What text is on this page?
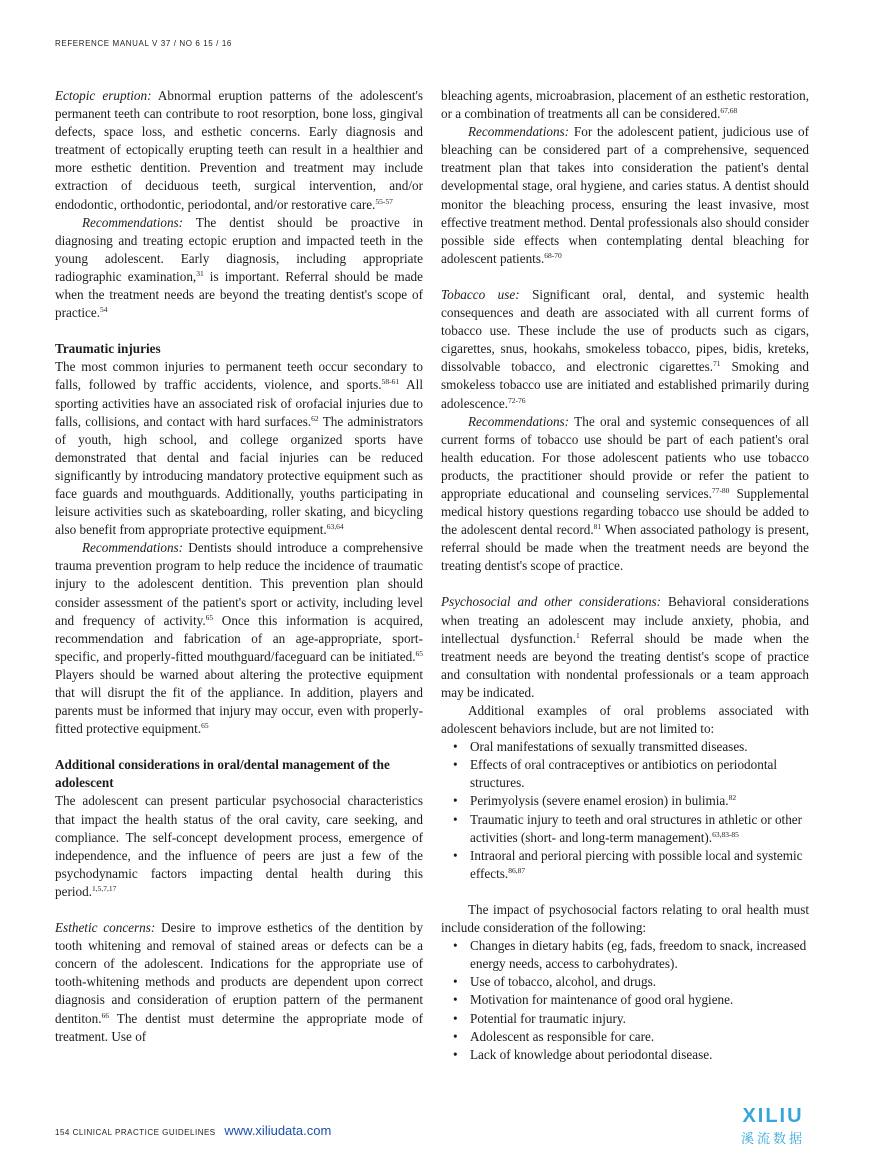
REFERENCE MANUAL V 37 / NO 6 15 / 16

Ectopic eruption: Abnormal eruption patterns of the adolescent's permanent teeth can contribute to root resorption, bone loss, gingival defects, space loss, and esthetic concerns. Early diagnosis and treatment of ectopically erupting teeth can result in a healthier and more esthetic dentition. Prevention and treatment may include extraction of deciduous teeth, surgical intervention, and/or endodontic, orthodontic, periodontal, and/or restorative care.$^{55-57}$

Recommendations: The dentist should be proactive in diagnosing and treating ectopic eruption and impacted teeth in the young adolescent. Early diagnosis, including appropriate radiographic examination,$^{31}$ is important. Referral should be made when the treatment needs are beyond the treating dentist's scope of practice.$^{54}$

Traumatic injuries

The most common injuries to permanent teeth occur secondary to falls, followed by traffic accidents, violence, and sports.$^{58-61}$ All sporting activities have an associated risk of orofacial injuries due to falls, collisions, and contact with hard surfaces.$^{62}$ The administrators of youth, high school, and college organized sports have demonstrated that dental and facial injuries can be reduced significantly by introducing mandatory protective equipment such as face guards and mouthguards. Additionally, youths participating in leisure activities such as skateboarding, roller skating, and bicycling also benefit from appropriate protective equipment.$^{63,64}$

Recommendations: Dentists should introduce a comprehensive trauma prevention program to help reduce the incidence of traumatic injury to the adolescent dentition. This prevention plan should consider assessment of the patient's sport or activity, including level and frequency of activity.$^{65}$ Once this information is acquired, recommendation and fabrication of an age-appropriate, sport-specific, and properly-fitted mouthguard/faceguard can be initiated.$^{65}$ Players should be warned about altering the protective equipment that will disrupt the fit of the appliance. In addition, players and parents must be informed that injury may occur, even with properly-fitted protective equipment.$^{65}$

Additional considerations in oral/dental management of the adolescent

The adolescent can present particular psychosocial characteristics that impact the health status of the oral cavity, care seeking, and compliance. The self-concept development process, emergence of independence, and the influence of peers are just a few of the psychodynamic factors impacting dental health during this period.$^{1,5,7,17}$

Esthetic concerns: Desire to improve esthetics of the dentition by tooth whitening and removal of stained areas or defects can be a concern of the adolescent. Indications for the appropriate use of tooth-whitening methods and products are dependent upon correct diagnosis and consideration of eruption pattern of the permanent dentiton.$^{66}$ The dentist must determine the appropriate mode of treatment. Use of

bleaching agents, microabrasion, placement of an esthetic restoration, or a combination of treatments all can be considered.$^{67,68}$

Recommendations: For the adolescent patient, judicious use of bleaching can be considered part of a comprehensive, sequenced treatment plan that takes into consideration the patient's dental developmental stage, oral hygiene, and caries status. A dentist should monitor the bleaching process, ensuring the least invasive, most effective treatment method. Dental professionals also should consider possible side effects when contemplating dental bleaching for adolescent patients.$^{68-70}$

Tobacco use: Significant oral, dental, and systemic health consequences and death are associated with all current forms of tobacco use. These include the use of products such as cigars, cigarettes, snus, hookahs, smokeless tobacco, pipes, bidis, kreteks, dissolvable tobacco, and electronic cigarettes.$^{71}$ Smoking and smokeless tobacco use are initiated and established primarily during adolescence.$^{72-76}$

Recommendations: The oral and systemic consequences of all current forms of tobacco use should be part of each patient's oral health education. For those adolescent patients who use tobacco products, the practitioner should provide or refer the patient to appropriate educational and counseling services.$^{77-80}$ Supplemental medical history questions regarding tobacco use should be added to the adolescent dental record.$^{81}$ When associated pathology is present, referral should be made when the treatment needs are beyond the treating dentist's scope of practice.

Psychosocial and other considerations: Behavioral considerations when treating an adolescent may include anxiety, phobia, and intellectual dysfunction.$^1$ Referral should be made when the treatment needs are beyond the treating dentist's scope of practice and consultation with nondental professionals or a team approach may be indicated.

Additional examples of oral problems associated with adolescent behaviors include, but are not limited to:

• Oral manifestations of sexually transmitted diseases.
• Effects of oral contraceptives or antibiotics on periodontal structures.
• Perimyolysis (severe enamel erosion) in bulimia.$^{82}$
• Traumatic injury to teeth and oral structures in athletic or other activities (short- and long-term management).$^{63,83-85}$
• Intraoral and perioral piercing with possible local and systemic effects.$^{86,87}$

The impact of psychosocial factors relating to oral health must include consideration of the following:

• Changes in dietary habits (eg, fads, freedom to snack, increased energy needs, access to carbohydrates).
• Use of tobacco, alcohol, and drugs.
• Motivation for maintenance of good oral hygiene.
• Potential for traumatic injury.
• Adolescent as responsible for care.
• Lack of knowledge about periodontal disease.
154 CLINICAL PRACTICE GUIDELINES www.xiliudata.com
XILIU
溪流数据
